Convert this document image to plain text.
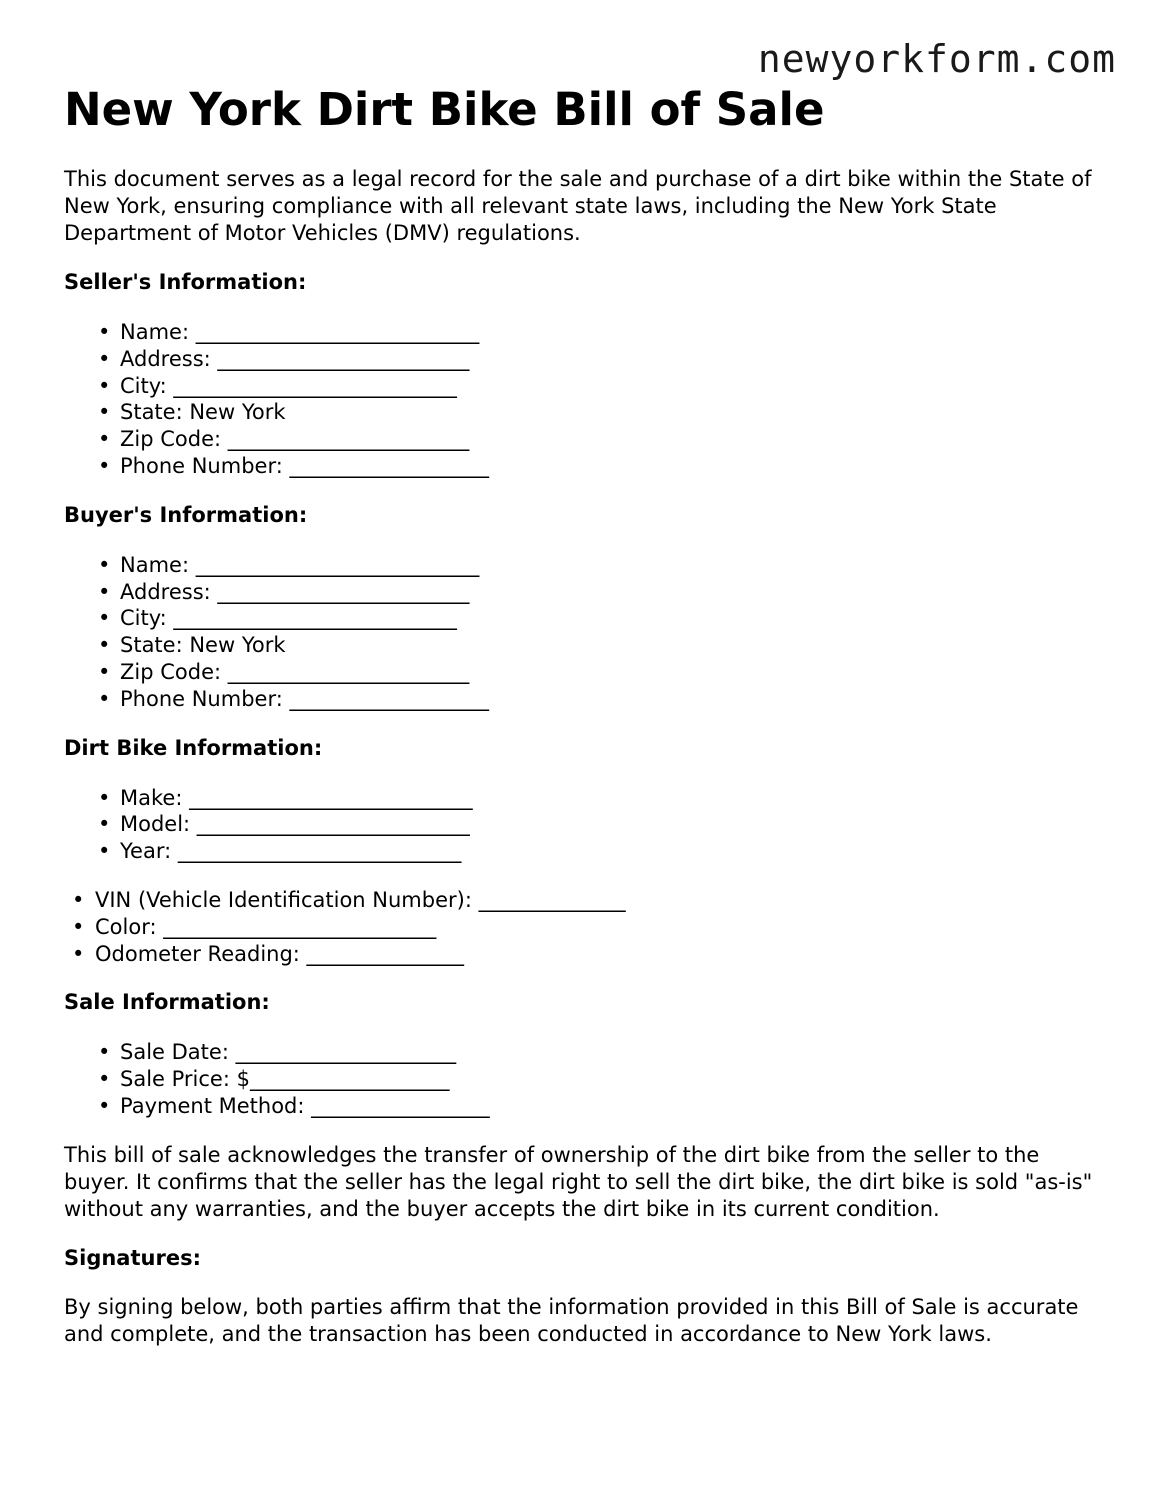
newyorkform.com
New York Dirt Bike Bill of Sale

This document serves as a legal record for the sale and purchase of a dirt bike within the State of New York, ensuring compliance with all relevant state laws, including the New York State Department of Motor Vehicles (DMV) regulations.

Seller's Information:
• Name: ___________________________
• Address: ________________________
• City: ___________________________
• State: New York
• Zip Code: _______________________
• Phone Number: ___________________
Buyer's Information:
• Name: ___________________________
• Address: ________________________
• City: ___________________________
• State: New York
• Zip Code: _______________________
• Phone Number: ___________________
Dirt Bike Information:
• Make: ___________________________
• Model: __________________________
• Year: ___________________________
• VIN (Vehicle Identification Number): ______________
• Color: __________________________
• Odometer Reading: _______________
Sale Information:
• Sale Date: _____________________
• Sale Price: $___________________
• Payment Method: _________________

This bill of sale acknowledges the transfer of ownership of the dirt bike from the seller to the buyer. It confirms that the seller has the legal right to sell the dirt bike, the dirt bike is sold "as-is" without any warranties, and the buyer accepts the dirt bike in its current condition.

Signatures:

By signing below, both parties affirm that the information provided in this Bill of Sale is accurate and complete, and the transaction has been conducted in accordance to New York laws.
